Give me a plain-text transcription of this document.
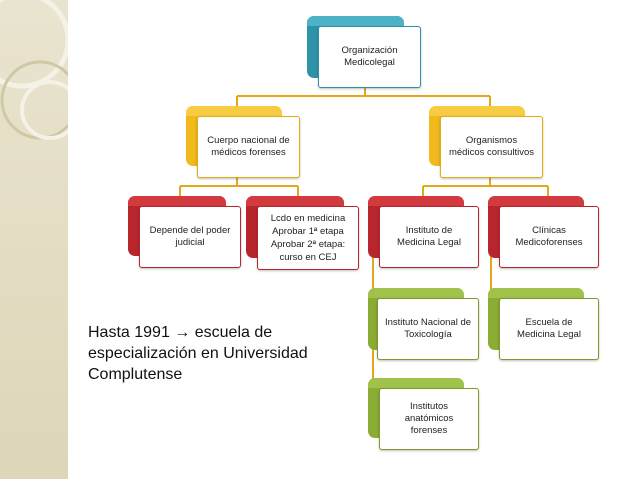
Organización
Medicolegal
Cuerpo nacional de
médicos forenses
Organismos
médicos consultivos
Depende del poder
judicial
Lcdo en medicina
Aprobar 1ª etapa
Aprobar 2ª etapa:
curso en CEJ
Instituto de
Medicina Legal
Clínicas
Medicoforenses
Instituto Nacional de
Toxicología
Escuela de
Medicina Legal
Institutos
anatómicos
forenses
Hasta 1991 → escuela de especialización en Universidad Complutense
